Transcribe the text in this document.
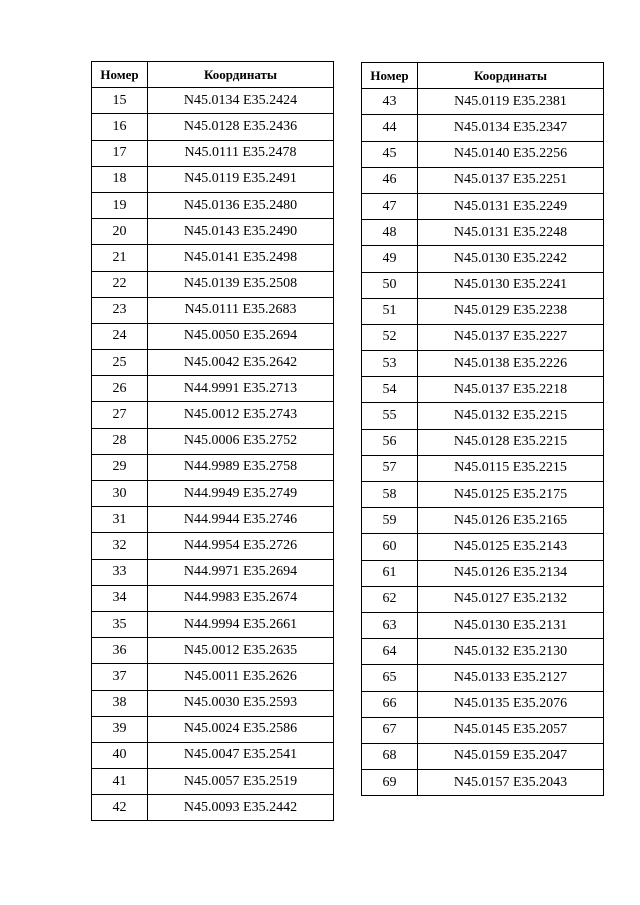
Номер	Координаты
15	N45.0134 E35.2424
16	N45.0128 E35.2436
17	N45.0111 E35.2478
18	N45.0119 E35.2491
19	N45.0136 E35.2480
20	N45.0143 E35.2490
21	N45.0141 E35.2498
22	N45.0139 E35.2508
23	N45.0111 E35.2683
24	N45.0050 E35.2694
25	N45.0042 E35.2642
26	N44.9991 E35.2713
27	N45.0012 E35.2743
28	N45.0006 E35.2752
29	N44.9989 E35.2758
30	N44.9949 E35.2749
31	N44.9944 E35.2746
32	N44.9954 E35.2726
33	N44.9971 E35.2694
34	N44.9983 E35.2674
35	N44.9994 E35.2661
36	N45.0012 E35.2635
37	N45.0011 E35.2626
38	N45.0030 E35.2593
39	N45.0024 E35.2586
40	N45.0047 E35.2541
41	N45.0057 E35.2519
42	N45.0093 E35.2442
Номер	Координаты
43	N45.0119 E35.2381
44	N45.0134 E35.2347
45	N45.0140 E35.2256
46	N45.0137 E35.2251
47	N45.0131 E35.2249
48	N45.0131 E35.2248
49	N45.0130 E35.2242
50	N45.0130 E35.2241
51	N45.0129 E35.2238
52	N45.0137 E35.2227
53	N45.0138 E35.2226
54	N45.0137 E35.2218
55	N45.0132 E35.2215
56	N45.0128 E35.2215
57	N45.0115 E35.2215
58	N45.0125 E35.2175
59	N45.0126 E35.2165
60	N45.0125 E35.2143
61	N45.0126 E35.2134
62	N45.0127 E35.2132
63	N45.0130 E35.2131
64	N45.0132 E35.2130
65	N45.0133 E35.2127
66	N45.0135 E35.2076
67	N45.0145 E35.2057
68	N45.0159 E35.2047
69	N45.0157 E35.2043
